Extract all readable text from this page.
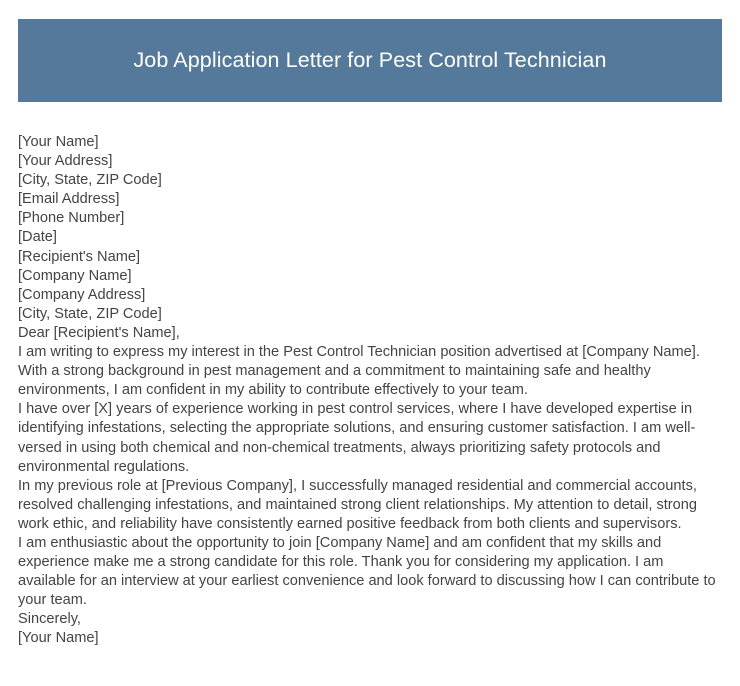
Job Application Letter for Pest Control Technician
[Your Name]
[Your Address]
[City, State, ZIP Code]
[Email Address]
[Phone Number]
[Date]
[Recipient's Name]
[Company Name]
[Company Address]
[City, State, ZIP Code]
Dear [Recipient's Name],
I am writing to express my interest in the Pest Control Technician position advertised at [Company Name]. With a strong background in pest management and a commitment to maintaining safe and healthy environments, I am confident in my ability to contribute effectively to your team.
I have over [X] years of experience working in pest control services, where I have developed expertise in identifying infestations, selecting the appropriate solutions, and ensuring customer satisfaction. I am well-versed in using both chemical and non-chemical treatments, always prioritizing safety protocols and environmental regulations.
In my previous role at [Previous Company], I successfully managed residential and commercial accounts, resolved challenging infestations, and maintained strong client relationships. My attention to detail, strong work ethic, and reliability have consistently earned positive feedback from both clients and supervisors.
I am enthusiastic about the opportunity to join [Company Name] and am confident that my skills and experience make me a strong candidate for this role. Thank you for considering my application. I am available for an interview at your earliest convenience and look forward to discussing how I can contribute to your team.
Sincerely,
[Your Name]
